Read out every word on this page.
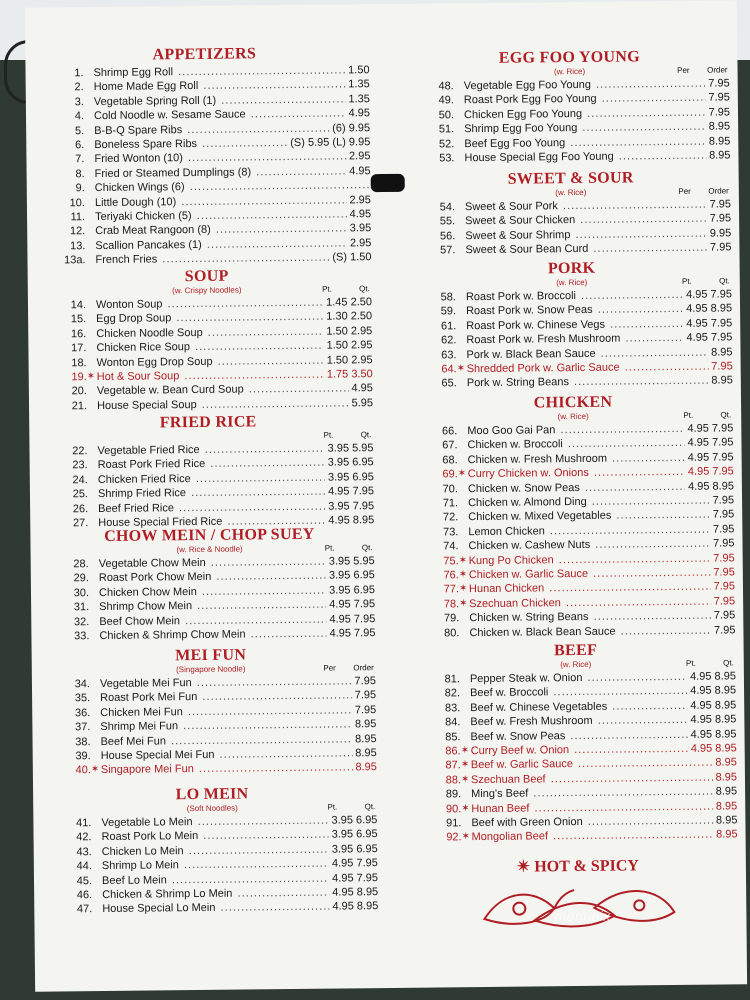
APPETIZERS
1. Shrimp Egg Roll . . .	1.50
2. Home Made Egg Roll . . .	1.35
3. Vegetable Spring Roll (1) . . .	1.35
4. Cold Noodle w. Sesame Sauce . . .	4.95
5. B-B-Q Spare Ribs . . .	(6) 9.95
6. Boneless Spare Ribs . . .	(S) 5.95 (L) 9.95
7. Fried Wonton (10) . . .	2.95
8. Fried or Steamed Dumplings (8) . . .	4.95
9. Chicken Wings (6) . . .
10. Little Dough (10) . . .	2.95
11. Teriyaki Chicken (5) . . .	4.95
12. Crab Meat Rangoon (8) . . .	3.95
13. Scallion Pancakes (1) . . .	2.95
13a. French Fries . . .	(S) 1.50
SOUP
(w. Crispy Noodles)	Pt.	Qt.
14. Wonton Soup . . .	1.45 2.50
15. Egg Drop Soup . . .	1.30 2.50
16. Chicken Noodle Soup . . .	1.50 2.95
17. Chicken Rice Soup . . .	1.50 2.95
18. Wonton Egg Drop Soup . . .	1.50 2.95
19. ✶ Hot & Sour Soup . . .	1.75 3.50
20. Vegetable w. Bean Curd Soup . . .	4.95
21. House Special Soup . . .	5.95
FRIED RICE
Pt.	Qt.
22. Vegetable Fried Rice . . .	3.95 5.95
23. Roast Pork Fried Rice . . .	3.95 6.95
24. Chicken Fried Rice . . .	3.95 6.95
25. Shrimp Fried Rice . . .	4.95 7.95
26. Beef Fried Rice . . .	3.95 7.95
27. House Special Fried Rice . . .	4.95 8.95
CHOW MEIN / CHOP SUEY
(w. Rice & Noodle)	Pt.	Qt.
28. Vegetable Chow Mein . . .	3.95 5.95
29. Roast Pork Chow Mein . . .	3.95 6.95
30. Chicken Chow Mein . . .	3.95 6.95
31. Shrimp Chow Mein . . .	4.95 7.95
32. Beef Chow Mein . . .	4.95 7.95
33. Chicken & Shrimp Chow Mein . . .	4.95 7.95
MEI FUN
(Singapore Noodle)	Per Order
34. Vegetable Mei Fun . . .	7.95
35. Roast Pork Mei Fun . . .	7.95
36. Chicken Mei Fun . . .	7.95
37. Shrimp Mei Fun . . .	8.95
38. Beef Mei Fun . . .	8.95
39. House Special Mei Fun . . .	8.95
40. ✶ Singapore Mei Fun . . .	8.95
LO MEIN
(Soft Noodles)	Pt.	Qt.
41. Vegetable Lo Mein . . .	3.95 6.95
42. Roast Pork Lo Mein . . .	3.95 6.95
43. Chicken Lo Mein . . .	3.95 6.95
44. Shrimp Lo Mein . . .	4.95 7.95
45. Beef Lo Mein . . .	4.95 7.95
46. Chicken & Shrimp Lo Mein . . .	4.95 8.95
47. House Special Lo Mein . . .	4.95 8.95
EGG FOO YOUNG
(w. Rice)	Per Order
48. Vegetable Egg Foo Young . . .	7.95
49. Roast Pork Egg Foo Young . . .	7.95
50. Chicken Egg Foo Young . . .	7.95
51. Shrimp Egg Foo Young . . .	8.95
52. Beef Egg Foo Young . . .	8.95
53. House Special Egg Foo Young . . .	8.95
SWEET & SOUR
(w. Rice)	Per Order
54. Sweet & Sour Pork . . .	7.95
55. Sweet & Sour Chicken . . .	7.95
56. Sweet & Sour Shrimp . . .	9.95
57. Sweet & Sour Bean Curd . . .	7.95
PORK
(w. Rice)	Pt.	Qt.
58. Roast Pork w. Broccoli . . .	4.95 7.95
59. Roast Pork w. Snow Peas . . .	4.95 8.95
61. Roast Pork w. Chinese Vegs . . .	4.95 7.95
62. Roast Pork w. Fresh Mushroom . . .	4.95 7.95
63. Pork w. Black Bean Sauce . . .	8.95
64. ✶ Shredded Pork w. Garlic Sauce . . .	7.95
65. Pork w. String Beans . . .	8.95
CHICKEN
(w. Rice)	Pt.	Qt.
66. Moo Goo Gai Pan . . .	4.95 7.95
67. Chicken w. Broccoli . . .	4.95 7.95
68. Chicken w. Fresh Mushroom . . .	4.95 7.95
69. ✶ Curry Chicken w. Onions . . .	4.95 7.95
70. Chicken w. Snow Peas . . .	4.95 8.95
71. Chicken w. Almond Ding . . .	7.95
72. Chicken w. Mixed Vegetables . . .	7.95
73. Lemon Chicken . . .	7.95
74. Chicken w. Cashew Nuts . . .	7.95
75. ✶ Kung Po Chicken . . .	7.95
76. ✶ Chicken w. Garlic Sauce . . .	7.95
77. ✶ Hunan Chicken . . .	7.95
78. ✶ Szechuan Chicken . . .	7.95
79. Chicken w. String Beans . . .	7.95
80. Chicken w. Black Bean Sauce . . .	7.95
BEEF
(w. Rice)	Pt.	Qt.
81. Pepper Steak w. Onion . . .	4.95 8.95
82. Beef w. Broccoli . . .	4.95 8.95
83. Beef w. Chinese Vegetables . . .	4.95 8.95
84. Beef w. Fresh Mushroom . . .	4.95 8.95
85. Beef w. Snow Peas . . .	4.95 8.95
86. ✶ Curry Beef w. Onion . . .	4.95 8.95
87. ✶ Beef w. Garlic Sauce . . .	8.95
88. ✶ Szechuan Beef . . .	8.95
89. Ming's Beef . . .	8.95
90. ✶ Hunan Beef . . .	8.95
91. Beef with Green Onion . . .	8.95
92. ✶ Mongolian Beef . . .	8.95
✴ HOT & SPICY
menupix
